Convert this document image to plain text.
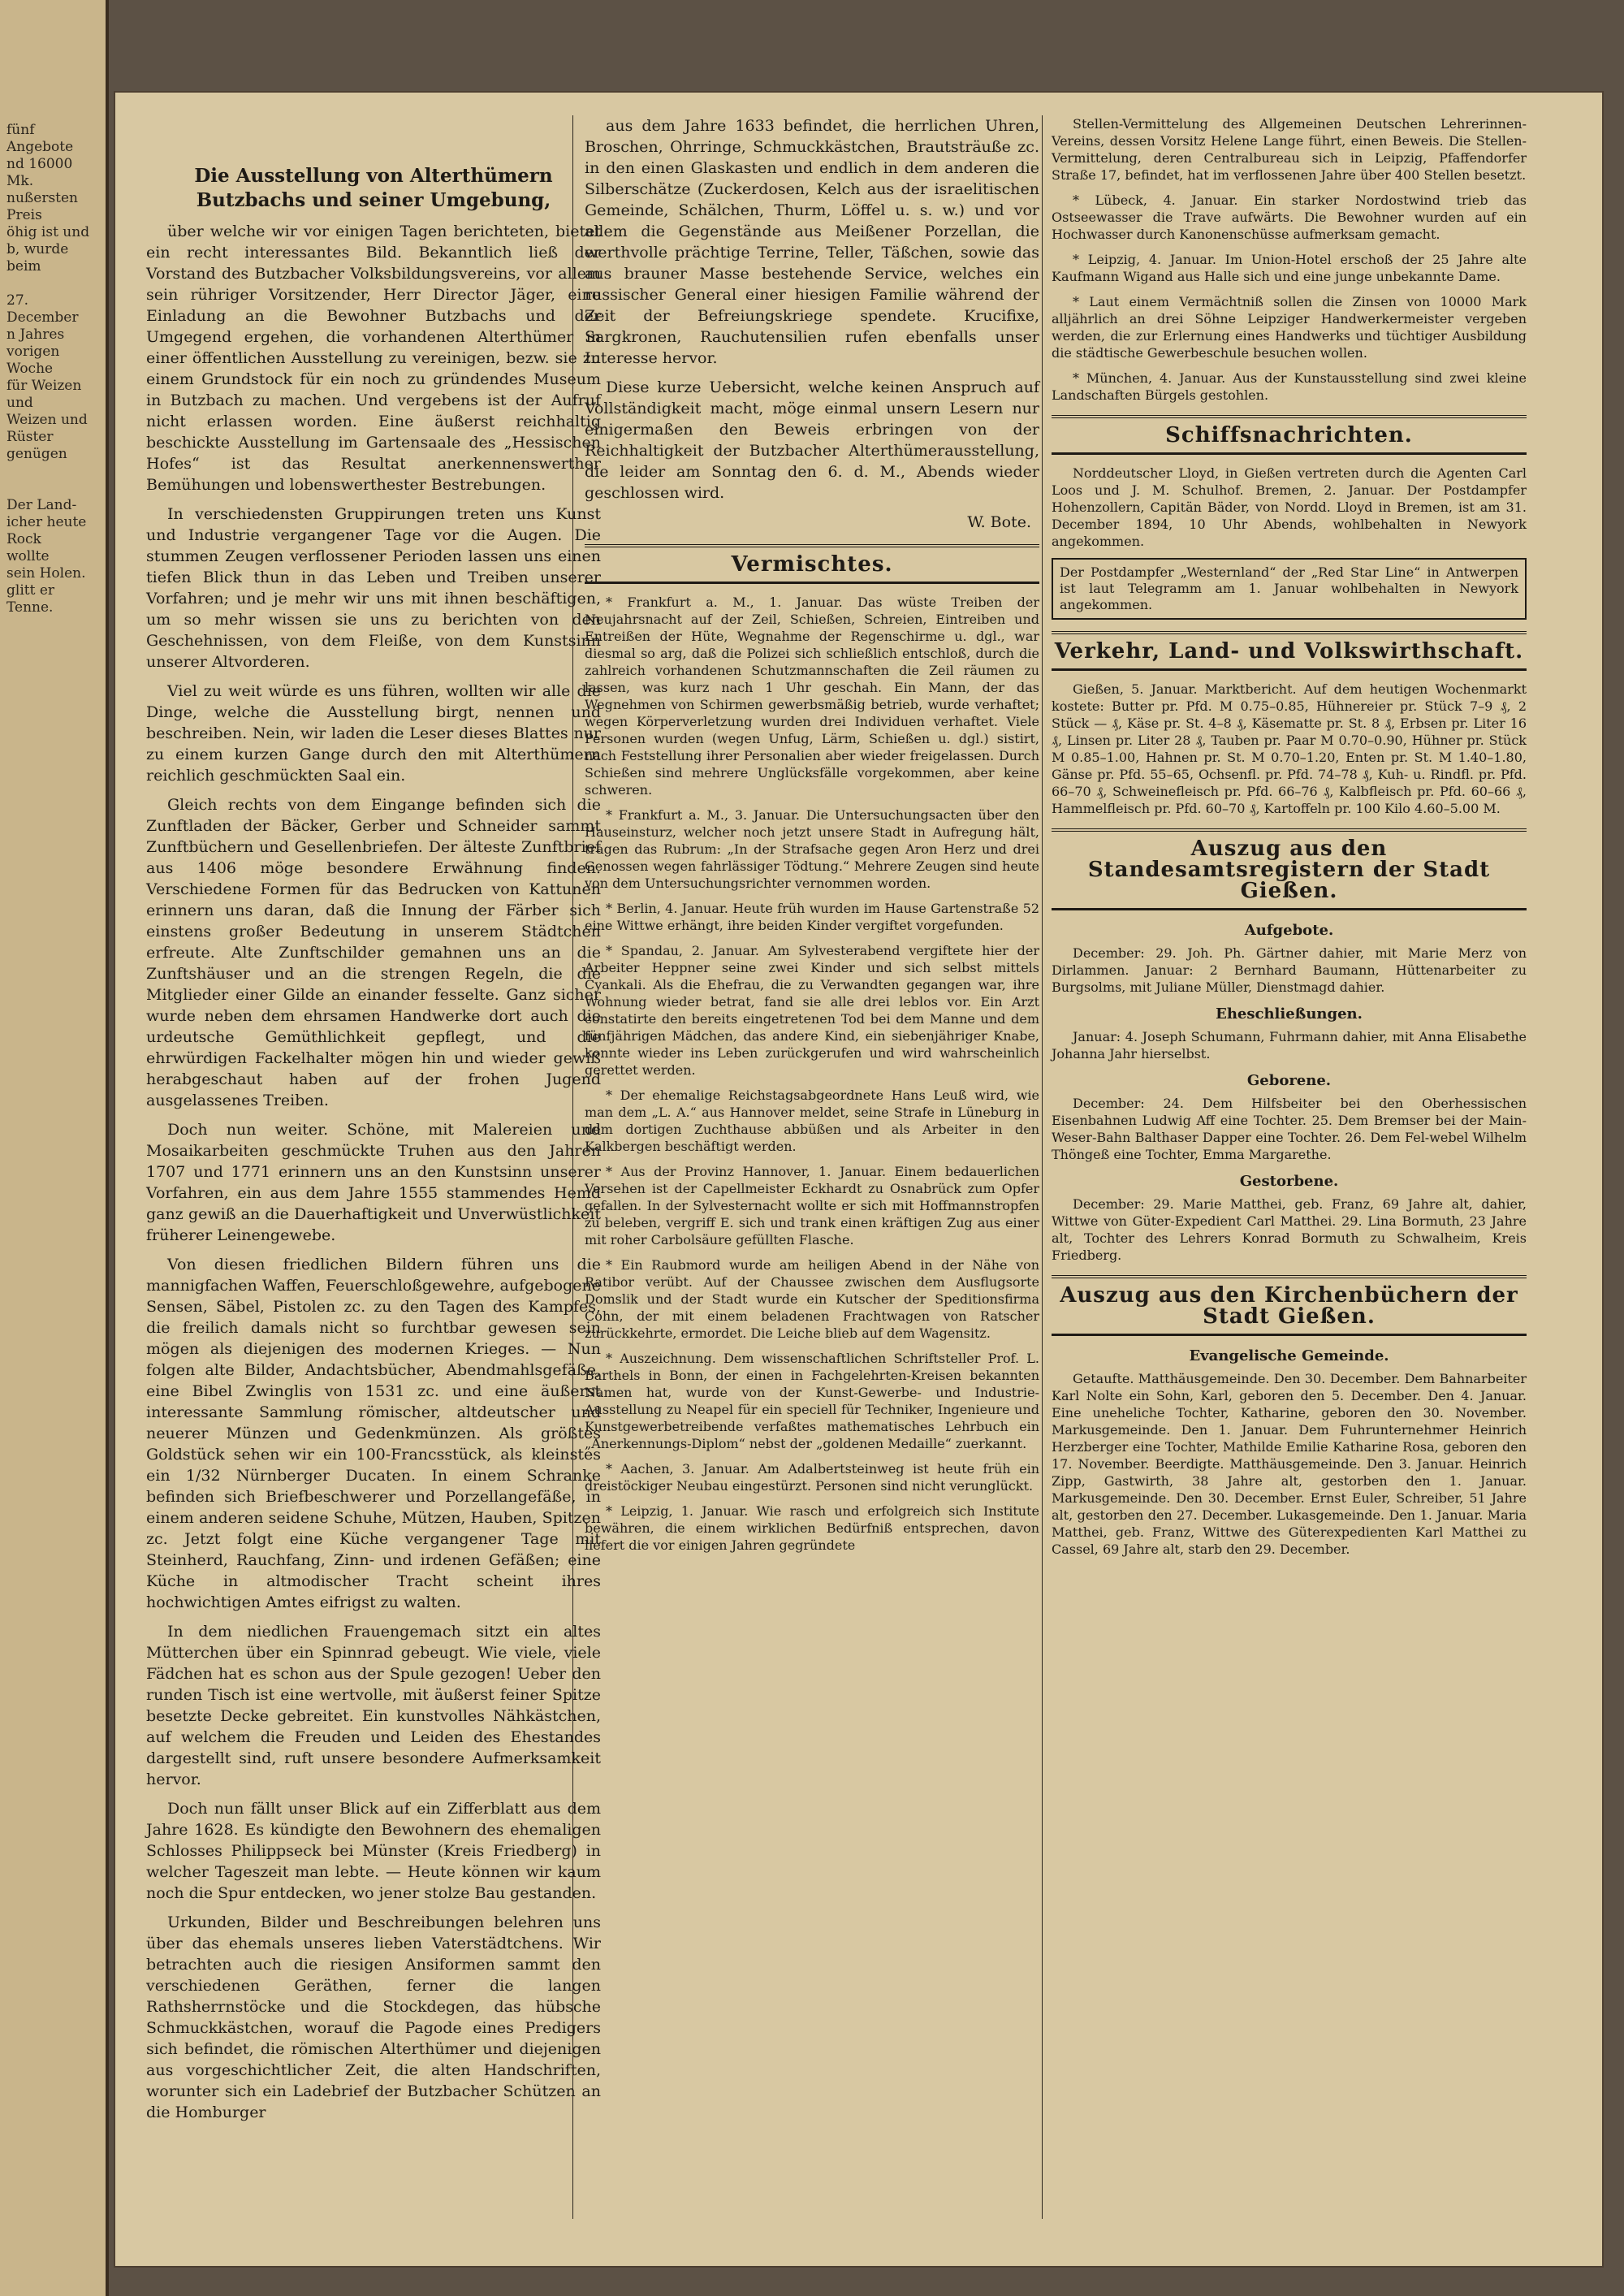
fünf Angebote
nd 16000 Mk.
nußersten Preis
öhig ist und
b, wurde beim

27. December
n Jahres
vorigen Woche
für Weizen und
Weizen und
Rüster genügen

Der Land-
icher heute Rock
wollte
sein Holen.
glitt er
Tenne.
Die Ausstellung von Alterthümern Butzbachs und seiner Umgebung,

über welche wir vor einigen Tagen berichteten, bietet ein recht interessantes Bild. Bekanntlich ließ der Vorstand des Butzbacher Volksbildungsvereins, vor allem sein rühriger Vorsitzender, Herr Director Jäger, eine Einladung an die Bewohner Butzbachs und der Umgegend ergehen, die vorhandenen Alterthümer in einer öffentlichen Ausstellung zu vereinigen, bezw. sie zu einem Grundstock für ein noch zu gründendes Museum in Butzbach zu machen. Und vergebens ist der Aufruf nicht erlassen worden. Eine äußerst reichhaltig beschickte Ausstellung im Gartensaale des „Hessischen Hofes“ ist das Resultat anerkennenswerther Bemühungen und lobenswerthester Bestrebungen.

In verschiedensten Gruppirungen treten uns Kunst und Industrie vergangener Tage vor die Augen. Die stummen Zeugen verflossener Perioden lassen uns einen tiefen Blick thun in das Leben und Treiben unserer Vorfahren; und je mehr wir uns mit ihnen beschäftigen, um so mehr wissen sie uns zu berichten von den Geschehnissen, von dem Fleiße, von dem Kunstsinn unserer Altvorderen.

Viel zu weit würde es uns führen, wollten wir alle die Dinge, welche die Ausstellung birgt, nennen und beschreiben. Nein, wir laden die Leser dieses Blattes nur zu einem kurzen Gange durch den mit Alterthümern reichlich geschmückten Saal ein.

Gleich rechts von dem Eingange befinden sich die Zunftladen der Bäcker, Gerber und Schneider sammt Zunftbüchern und Gesellenbriefen. Der älteste Zunftbrief aus 1406 möge besondere Erwähnung finden. Verschiedene Formen für das Bedrucken von Kattunen erinnern uns daran, daß die Innung der Färber sich einstens großer Bedeutung in unserem Städtchen erfreute. Alte Zunftschilder gemahnen uns an die Zunftshäuser und an die strengen Regeln, die die Mitglieder einer Gilde an einander fesselte. Ganz sicher wurde neben dem ehrsamen Handwerke dort auch die urdeutsche Gemüthlichkeit gepflegt, und die ehrwürdigen Fackelhalter mögen hin und wieder gewiß herabgeschaut haben auf der frohen Jugend ausgelassenes Treiben.

Doch nun weiter. Schöne, mit Malereien und Mosaikarbeiten geschmückte Truhen aus den Jahren 1707 und 1771 erinnern uns an den Kunstsinn unserer Vorfahren, ein aus dem Jahre 1555 stammendes Hemd ganz gewiß an die Dauerhaftigkeit und Unverwüstlichkeit früherer Leinengewebe.

Von diesen friedlichen Bildern führen uns die mannigfachen Waffen, Feuerschloßgewehre, aufgebogene Sensen, Säbel, Pistolen zc. zu den Tagen des Kampfes, die freilich damals nicht so furchtbar gewesen sein mögen als diejenigen des modernen Krieges. — Nun folgen alte Bilder, Andachtsbücher, Abendmahlsgefäße, eine Bibel Zwinglis von 1531 zc. und eine äußerst interessante Sammlung römischer, altdeutscher und neuerer Münzen und Gedenkmünzen. Als größtes Goldstück sehen wir ein 100-Francsstück, als kleinstes ein 1/32 Nürnberger Ducaten. In einem Schranke befinden sich Briefbeschwerer und Porzellangefäße, in einem anderen seidene Schuhe, Mützen, Hauben, Spitzen zc. Jetzt folgt eine Küche vergangener Tage mit Steinherd, Rauchfang, Zinn- und irdenen Gefäßen; eine Küche in altmodischer Tracht scheint ihres hochwichtigen Amtes eifrigst zu walten.

In dem niedlichen Frauengemach sitzt ein altes Mütterchen über ein Spinnrad gebeugt. Wie viele, viele Fädchen hat es schon aus der Spule gezogen! Ueber den runden Tisch ist eine wertvolle, mit äußerst feiner Spitze besetzte Decke gebreitet. Ein kunstvolles Nähkästchen, auf welchem die Freuden und Leiden des Ehestandes dargestellt sind, ruft unsere besondere Aufmerksamkeit hervor.

Doch nun fällt unser Blick auf ein Zifferblatt aus dem Jahre 1628. Es kündigte den Bewohnern des ehemaligen Schlosses Philippseck bei Münster (Kreis Friedberg) in welcher Tageszeit man lebte. — Heute können wir kaum noch die Spur entdecken, wo jener stolze Bau gestanden.

Urkunden, Bilder und Beschreibungen belehren uns über das ehemals unseres lieben Vaterstädtchens. Wir betrachten auch die riesigen Ansiformen sammt den verschiedenen Geräthen, ferner die langen Rathsherrnstöcke und die Stockdegen, das hübsche Schmuckkästchen, worauf die Pagode eines Predigers sich befindet, die römischen Alterthümer und diejenigen aus vorgeschichtlicher Zeit, die alten Handschriften, worunter sich ein Ladebrief der Butzbacher Schützen an die Homburger

aus dem Jahre 1633 befindet, die herrlichen Uhren, Broschen, Ohrringe, Schmuckkästchen, Brautsträuße zc. in den einen Glaskasten und endlich in dem anderen die Silberschätze (Zuckerdosen, Kelch aus der israelitischen Gemeinde, Schälchen, Thurm, Löffel u. s. w.) und vor allem die Gegenstände aus Meißener Porzellan, die werthvolle prächtige Terrine, Teller, Täßchen, sowie das aus brauner Masse bestehende Service, welches ein russischer General einer hiesigen Familie während der Zeit der Befreiungskriege spendete. Krucifixe, Sargkronen, Rauchutensilien rufen ebenfalls unser Interesse hervor.

Diese kurze Uebersicht, welche keinen Anspruch auf Vollständigkeit macht, möge einmal unsern Lesern nur einigermaßen den Beweis erbringen von der Reichhaltigkeit der Butzbacher Alterthümerausstellung, die leider am Sonntag den 6. d. M., Abends wieder geschlossen wird.

W. Bote.
Vermischtes.

* Frankfurt a. M., 1. Januar. Das wüste Treiben der Neujahrsnacht auf der Zeil, Schießen, Schreien, Eintreiben und Entreißen der Hüte, Wegnahme der Regenschirme u. dgl., war diesmal so arg, daß die Polizei sich schließlich entschloß, durch die zahlreich vorhandenen Schutzmannschaften die Zeil räumen zu lassen, was kurz nach 1 Uhr geschah. Ein Mann, der das Wegnehmen von Schirmen gewerbsmäßig betrieb, wurde verhaftet; wegen Körperverletzung wurden drei Individuen verhaftet. Viele Personen wurden (wegen Unfug, Lärm, Schießen u. dgl.) sistirt, nach Feststellung ihrer Personalien aber wieder freigelassen. Durch Schießen sind mehrere Unglücksfälle vorgekommen, aber keine schweren.

* Frankfurt a. M., 3. Januar. Die Untersuchungsacten über den Hauseinsturz, welcher noch jetzt unsere Stadt in Aufregung hält, tragen das Rubrum: „In der Strafsache gegen Aron Herz und drei Genossen wegen fahrlässiger Tödtung.“ Mehrere Zeugen sind heute von dem Untersuchungsrichter vernommen worden.

* Berlin, 4. Januar. Heute früh wurden im Hause Gartenstraße 52 eine Wittwe erhängt, ihre beiden Kinder vergiftet vorgefunden.

* Spandau, 2. Januar. Am Sylvesterabend vergiftete hier der Arbeiter Heppner seine zwei Kinder und sich selbst mittels Cyankali. Als die Ehefrau, die zu Verwandten gegangen war, ihre Wohnung wieder betrat, fand sie alle drei leblos vor. Ein Arzt constatirte den bereits eingetretenen Tod bei dem Manne und dem fünfjährigen Mädchen, das andere Kind, ein siebenjähriger Knabe, konnte wieder ins Leben zurückgerufen und wird wahrscheinlich gerettet werden.

* Der ehemalige Reichstagsabgeordnete Hans Leuß wird, wie man dem „L. A.“ aus Hannover meldet, seine Strafe in Lüneburg in dem dortigen Zuchthause abbüßen und als Arbeiter in den Kalkbergen beschäftigt werden.

* Aus der Provinz Hannover, 1. Januar. Einem bedauerlichen Versehen ist der Capellmeister Eckhardt zu Osnabrück zum Opfer gefallen. In der Sylvesternacht wollte er sich mit Hoffmannstropfen zu beleben, vergriff E. sich und trank einen kräftigen Zug aus einer mit roher Carbolsäure gefüllten Flasche.

* Ein Raubmord wurde am heiligen Abend in der Nähe von Ratibor verübt. Auf der Chaussee zwischen dem Ausflugsorte Domslik und der Stadt wurde ein Kutscher der Speditionsfirma Cohn, der mit einem beladenen Frachtwagen von Ratscher zurückkehrte, ermordet. Die Leiche blieb auf dem Wagensitz.

* Auszeichnung. Dem wissenschaftlichen Schriftsteller Prof. L. Barthels in Bonn, der einen in Fachgelehrten-Kreisen bekannten Namen hat, wurde von der Kunst-Gewerbe- und Industrie-Ausstellung zu Neapel für ein speciell für Techniker, Ingenieure und Kunstgewerbetreibende verfaßtes mathematisches Lehrbuch ein „Anerkennungs-Diplom“ nebst der „goldenen Medaille“ zuerkannt.

* Aachen, 3. Januar. Am Adalbertsteinweg ist heute früh ein dreistöckiger Neubau eingestürzt. Personen sind nicht verunglückt.

* Leipzig, 1. Januar. Wie rasch und erfolgreich sich Institute bewähren, die einem wirklichen Bedürfniß entsprechen, davon liefert die vor einigen Jahren gegründete

Stellen-Vermittelung des Allgemeinen Deutschen Lehrerinnen-Vereins, dessen Vorsitz Helene Lange führt, einen Beweis. Die Stellen-Vermittelung, deren Centralbureau sich in Leipzig, Pfaffendorfer Straße 17, befindet, hat im verflossenen Jahre über 400 Stellen besetzt.

* Lübeck, 4. Januar. Ein starker Nordostwind trieb das Ostseewasser die Trave aufwärts. Die Bewohner wurden auf ein Hochwasser durch Kanonenschüsse aufmerksam gemacht.

* Leipzig, 4. Januar. Im Union-Hotel erschoß der 25 Jahre alte Kaufmann Wigand aus Halle sich und eine junge unbekannte Dame.

* Laut einem Vermächtniß sollen die Zinsen von 10000 Mark alljährlich an drei Söhne Leipziger Handwerkermeister vergeben werden, die zur Erlernung eines Handwerks und tüchtiger Ausbildung die städtische Gewerbeschule besuchen wollen.

* München, 4. Januar. Aus der Kunstausstellung sind zwei kleine Landschaften Bürgels gestohlen.

Schiffsnachrichten.

Norddeutscher Lloyd, in Gießen vertreten durch die Agenten Carl Loos und J. M. Schulhof. Bremen, 2. Januar. Der Postdampfer Hohenzollern, Capitän Bäder, von Nordd. Lloyd in Bremen, ist am 31. December 1894, 10 Uhr Abends, wohlbehalten in Newyork angekommen.

Der Postdampfer „Westernland“ der „Red Star Line“ in Antwerpen ist laut Telegramm am 1. Januar wohlbehalten in Newyork angekommen.
Verkehr, Land- und Volkswirthschaft.

Gießen, 5. Januar. Marktbericht. Auf dem heutigen Wochenmarkt kostete: Butter pr. Pfd. M 0.75–0.85, Hühnereier pr. Stück 7–9 ₰, 2 Stück — ₰, Käse pr. St. 4–8 ₰, Käsematte pr. St. 8 ₰, Erbsen pr. Liter 16 ₰, Linsen pr. Liter 28 ₰, Tauben pr. Paar M 0.70–0.90, Hühner pr. Stück M 0.85–1.00, Hahnen pr. St. M 0.70–1.20, Enten pr. St. M 1.40–1.80, Gänse pr. Pfd. 55–65, Ochsenfl. pr. Pfd. 74–78 ₰, Kuh- u. Rindfl. pr. Pfd. 66–70 ₰, Schweinefleisch pr. Pfd. 66–76 ₰, Kalbfleisch pr. Pfd. 60–66 ₰, Hammelfleisch pr. Pfd. 60–70 ₰, Kartoffeln pr. 100 Kilo 4.60–5.00 M.

Auszug aus den Standesamtsregistern der Stadt Gießen.
Aufgebote.

December: 29. Joh. Ph. Gärtner dahier, mit Marie Merz von Dirlammen. Januar: 2 Bernhard Baumann, Hüttenarbeiter zu Burgsolms, mit Juliane Müller, Dienstmagd dahier.

Eheschließungen.

Januar: 4. Joseph Schumann, Fuhrmann dahier, mit Anna Elisabethe Johanna Jahr hierselbst.

Geborene.

December: 24. Dem Hilfsbeiter bei den Oberhessischen Eisenbahnen Ludwig Aff eine Tochter. 25. Dem Bremser bei der Main-Weser-Bahn Balthaser Dapper eine Tochter. 26. Dem Fel-webel Wilhelm Thöngeß eine Tochter, Emma Margarethe.

Gestorbene.

December: 29. Marie Matthei, geb. Franz, 69 Jahre alt, dahier, Wittwe von Güter-Expedient Carl Matthei. 29. Lina Bormuth, 23 Jahre alt, Tochter des Lehrers Konrad Bormuth zu Schwalheim, Kreis Friedberg.

Auszug aus den Kirchenbüchern der Stadt Gießen.
Evangelische Gemeinde.

Getaufte. Matthäusgemeinde. Den 30. December. Dem Bahnarbeiter Karl Nolte ein Sohn, Karl, geboren den 5. December. Den 4. Januar. Eine uneheliche Tochter, Katharine, geboren den 30. November. Markusgemeinde. Den 1. Januar. Dem Fuhrunternehmer Heinrich Herzberger eine Tochter, Mathilde Emilie Katharine Rosa, geboren den 17. November. Beerdigte. Matthäusgemeinde. Den 3. Januar. Heinrich Zipp, Gastwirth, 38 Jahre alt, gestorben den 1. Januar. Markusgemeinde. Den 30. December. Ernst Euler, Schreiber, 51 Jahre alt, gestorben den 27. December. Lukasgemeinde. Den 1. Januar. Maria Matthei, geb. Franz, Wittwe des Güterexpedienten Karl Matthei zu Cassel, 69 Jahre alt, starb den 29. December.
